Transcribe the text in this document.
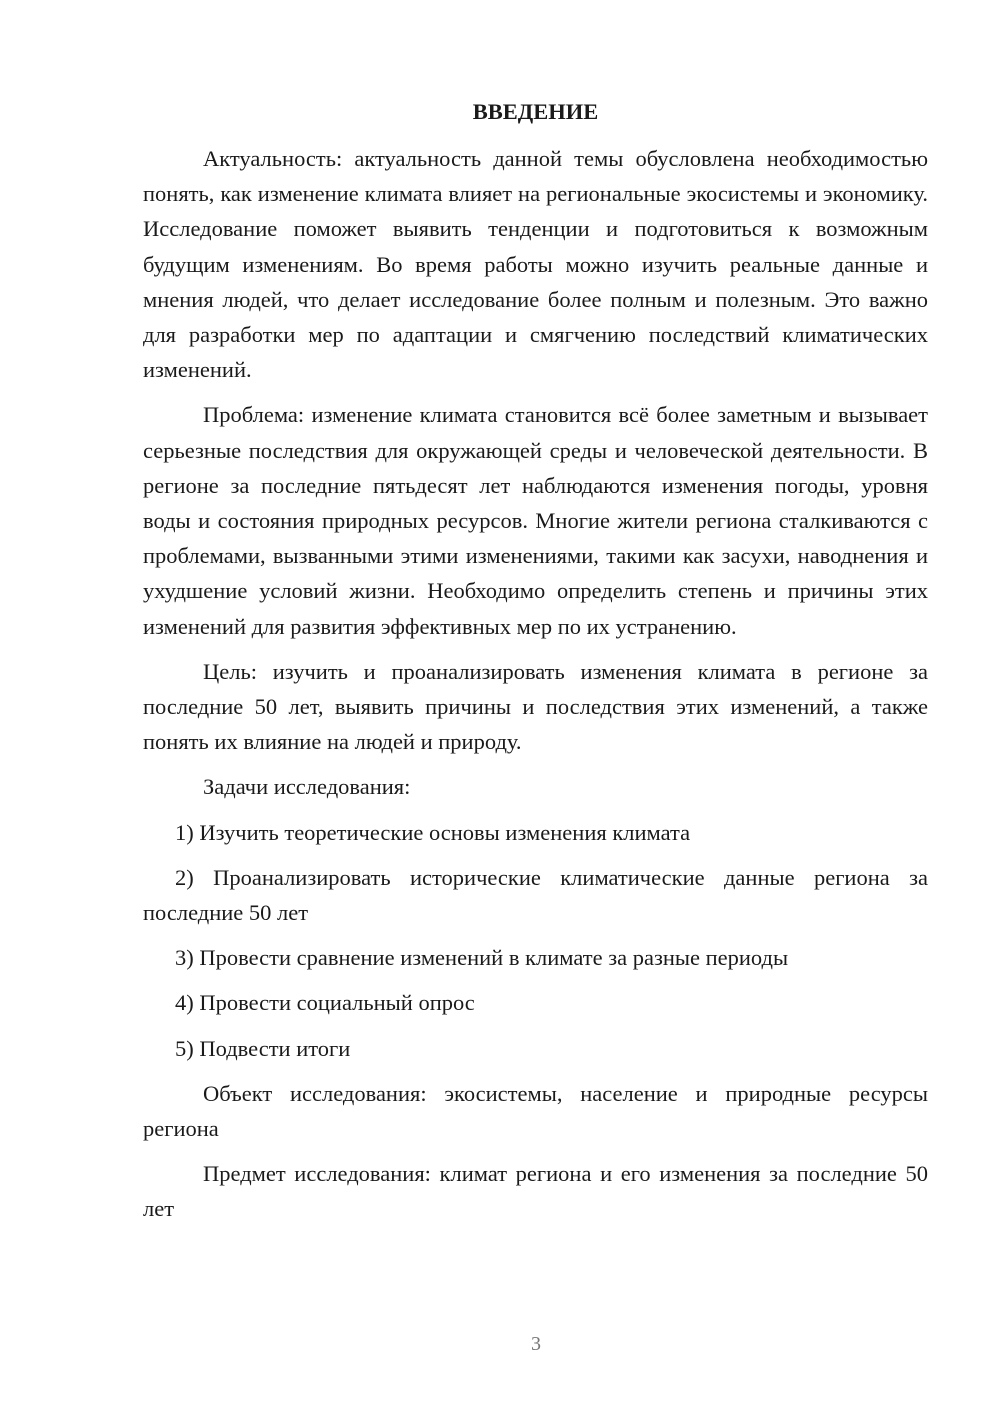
ВВЕДЕНИЕ

Актуальность: актуальность данной темы обусловлена необходимостью понять, как изменение климата влияет на региональные экосистемы и экономику. Исследование поможет выявить тенденции и подготовиться к возможным будущим изменениям. Во время работы можно изучить реальные данные и мнения людей, что делает исследование более полным и полезным. Это важно для разработки мер по адаптации и смягчению последствий климатических изменений.

Проблема: изменение климата становится всё более заметным и вызывает серьезные последствия для окружающей среды и человеческой деятельности. В регионе за последние пятьдесят лет наблюдаются изменения погоды, уровня воды и состояния природных ресурсов. Многие жители региона сталкиваются с проблемами, вызванными этими изменениями, такими как засухи, наводнения и ухудшение условий жизни. Необходимо определить степень и причины этих изменений для развития эффективных мер по их устранению.

Цель: изучить и проанализировать изменения климата в регионе за последние 50 лет, выявить причины и последствия этих изменений, а также понять их влияние на людей и природу.

Задачи исследования:

1) Изучить теоретические основы изменения климата

2) Проанализировать исторические климатические данные региона за последние 50 лет

3) Провести сравнение изменений в климате за разные периоды

4) Провести социальный опрос

5) Подвести итоги

Объект исследования: экосистемы, население и природные ресурсы региона

Предмет исследования: климат региона и его изменения за последние 50 лет

3
